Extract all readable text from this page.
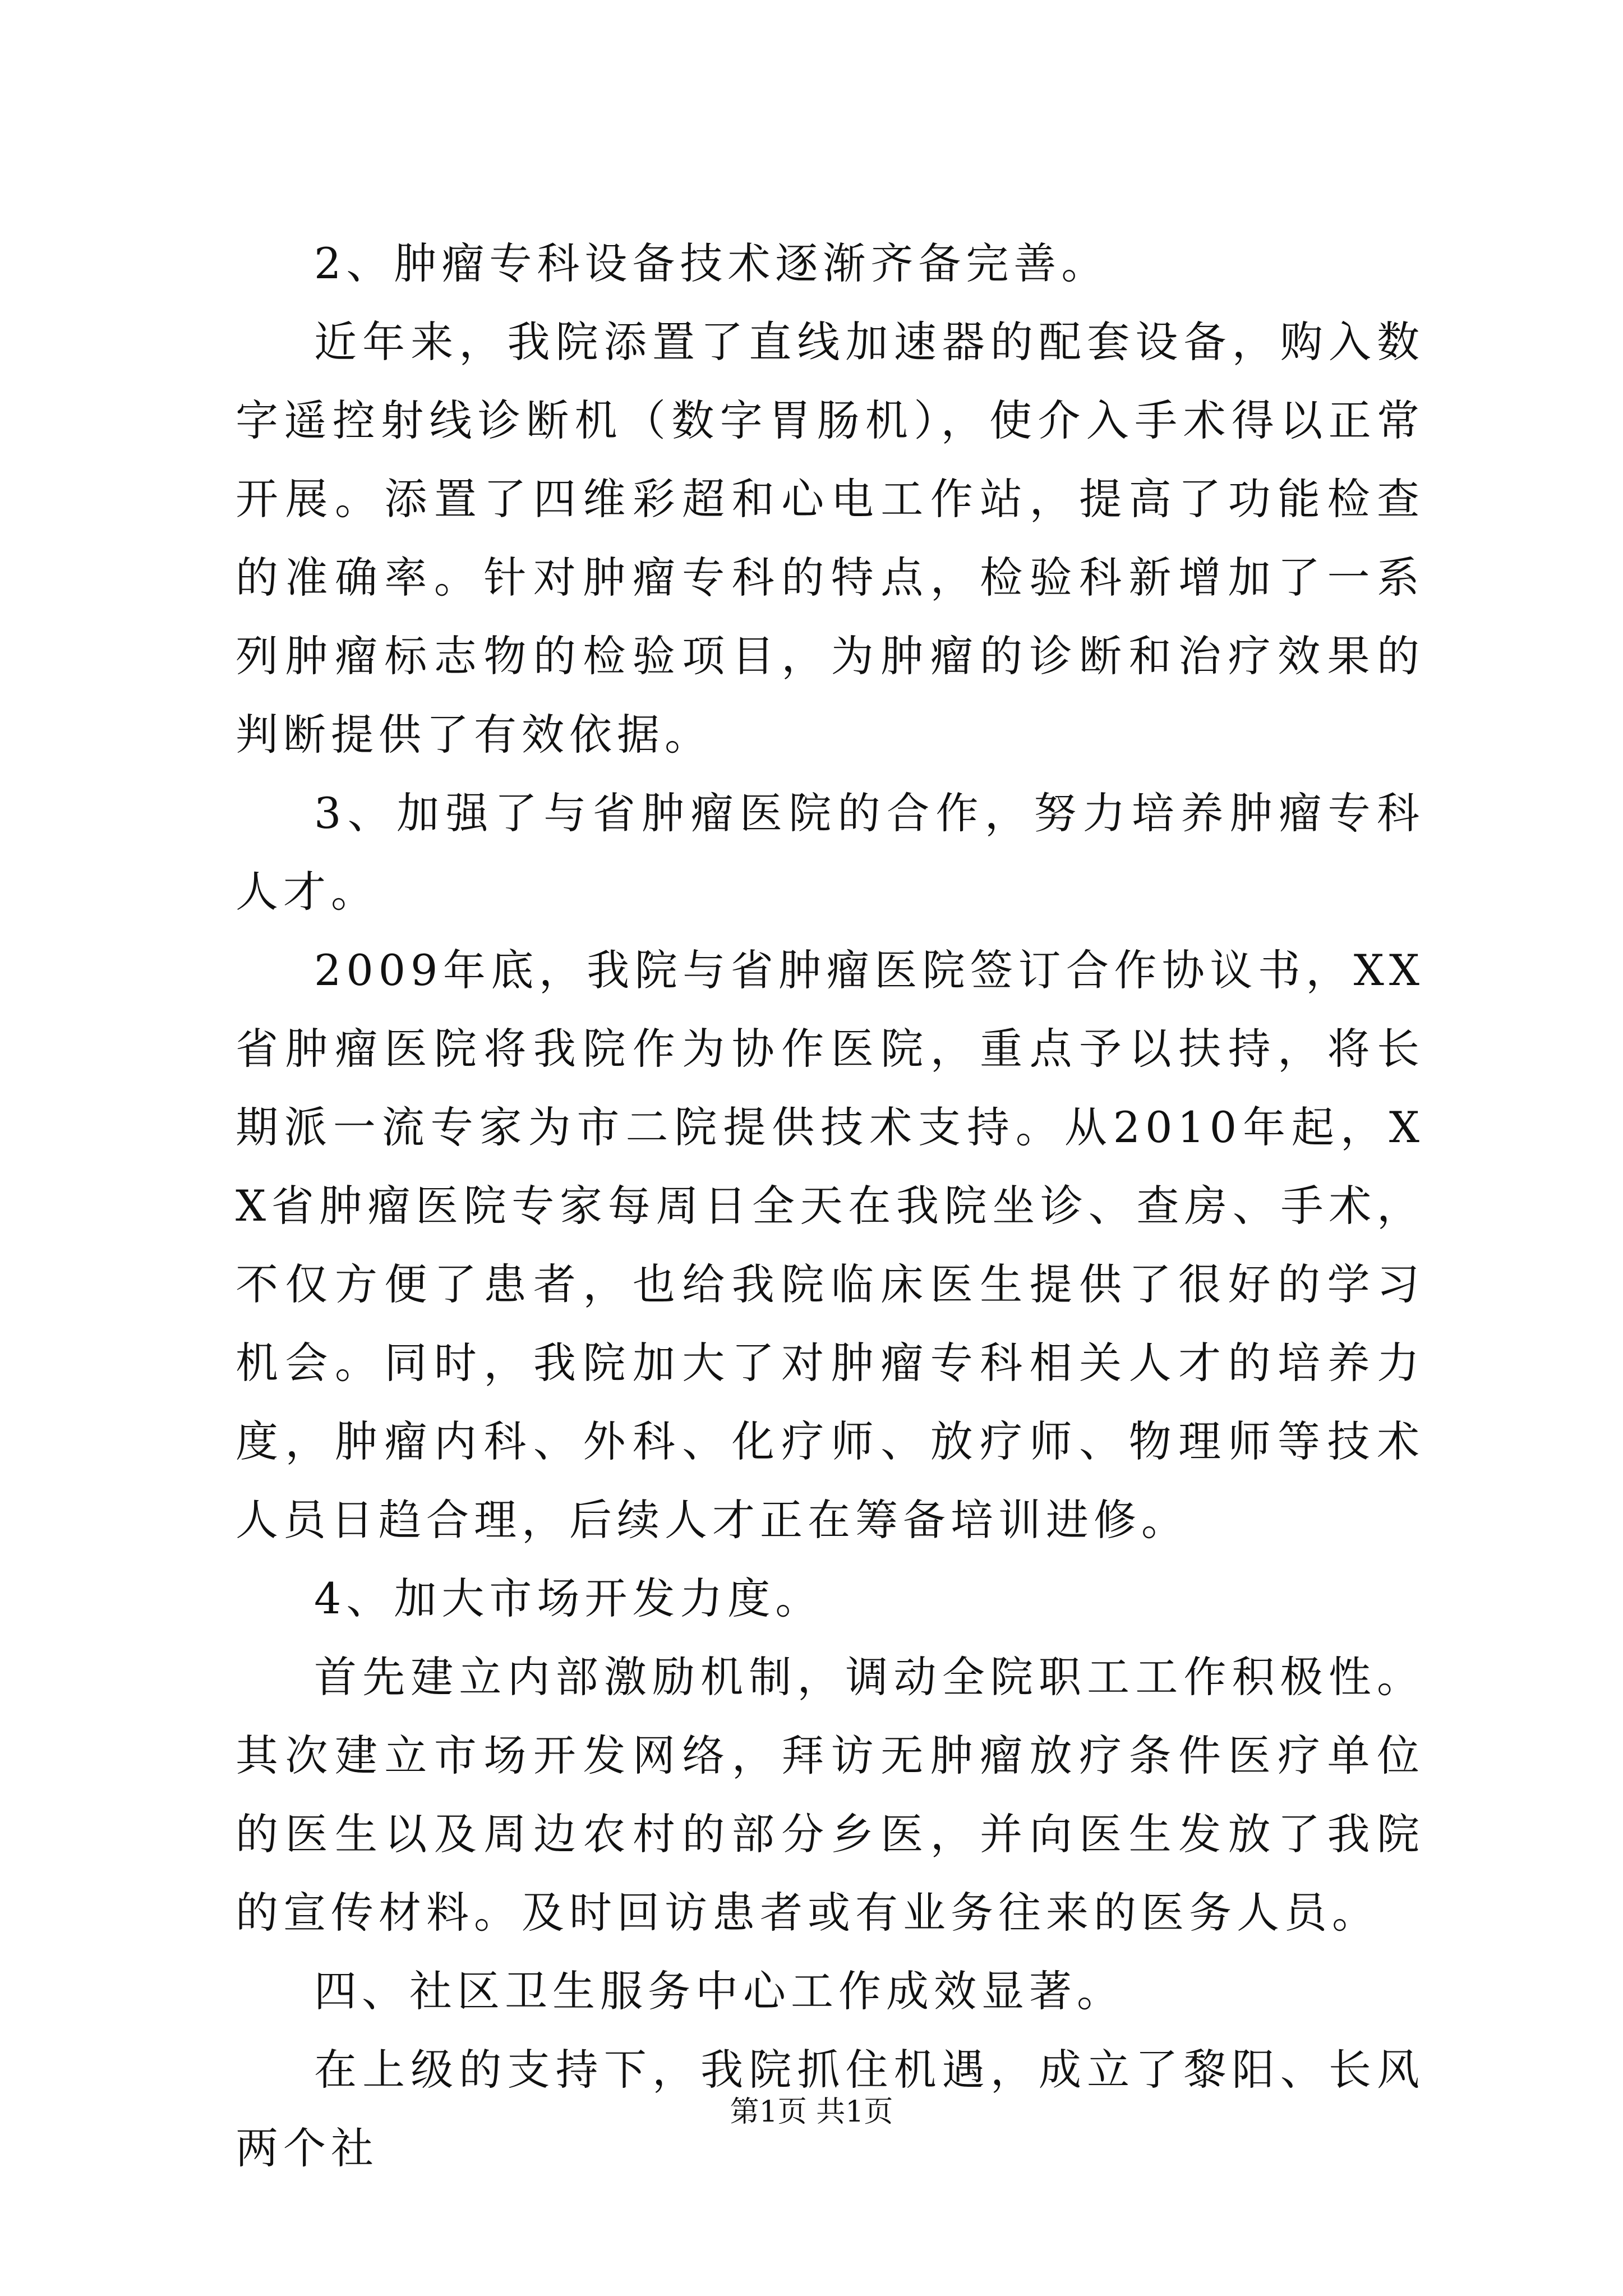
2、肿瘤专科设备技术逐渐齐备完善。

近年来，我院添置了直线加速器的配套设备，购入数字遥控射线诊断机（数字胃肠机），使介入手术得以正常开展。添置了四维彩超和心电工作站，提高了功能检查的准确率。针对肿瘤专科的特点，检验科新增加了一系列肿瘤标志物的检验项目，为肿瘤的诊断和治疗效果的判断提供了有效依据。

3、加强了与省肿瘤医院的合作，努力培养肿瘤专科人才。

2009年底，我院与省肿瘤医院签订合作协议书，XX省肿瘤医院将我院作为协作医院，重点予以扶持，将长期派一流专家为市二院提供技术支持。从2010年起，XX省肿瘤医院专家每周日全天在我院坐诊、查房、手术，不仅方便了患者，也给我院临床医生提供了很好的学习机会。同时，我院加大了对肿瘤专科相关人才的培养力度，肿瘤内科、外科、化疗师、放疗师、物理师等技术人员日趋合理，后续人才正在筹备培训进修。

4、加大市场开发力度。

首先建立内部激励机制，调动全院职工工作积极性。其次建立市场开发网络，拜访无肿瘤放疗条件医疗单位的医生以及周边农村的部分乡医，并向医生发放了我院的宣传材料。及时回访患者或有业务往来的医务人员。

四、社区卫生服务中心工作成效显著。

在上级的支持下，我院抓住机遇，成立了黎阳、长风两个社

第1页 共1页
